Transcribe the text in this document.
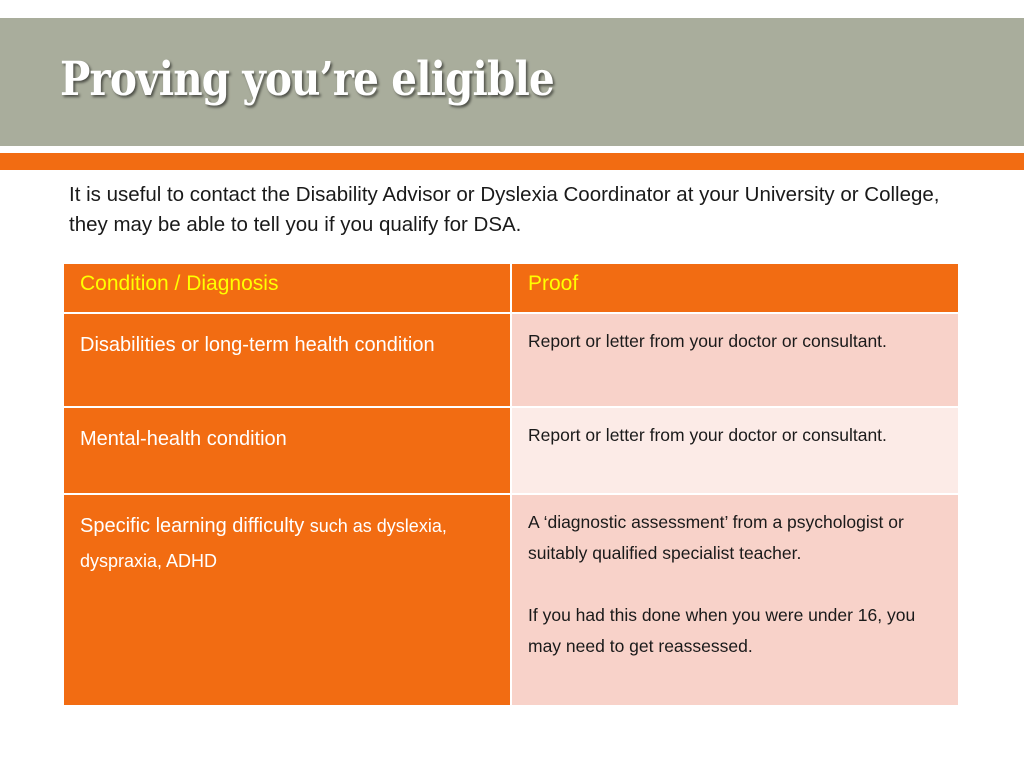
Proving you’re eligible

It is useful to contact the Disability Advisor or Dyslexia Coordinator at your University or College, they may be able to tell you if you qualify for DSA.

Condition / Diagnosis	Proof
Disabilities or long-term health condition	Report or letter from your doctor or consultant.

Mental-health condition	Report or letter from your doctor or consultant.

Specific learning difficulty such as dyslexia, dyspraxia, ADHD	A ‘diagnostic assessment’ from a psychologist or suitably qualified specialist teacher.

If you had this done when you were under 16, you may need to get reassessed.
